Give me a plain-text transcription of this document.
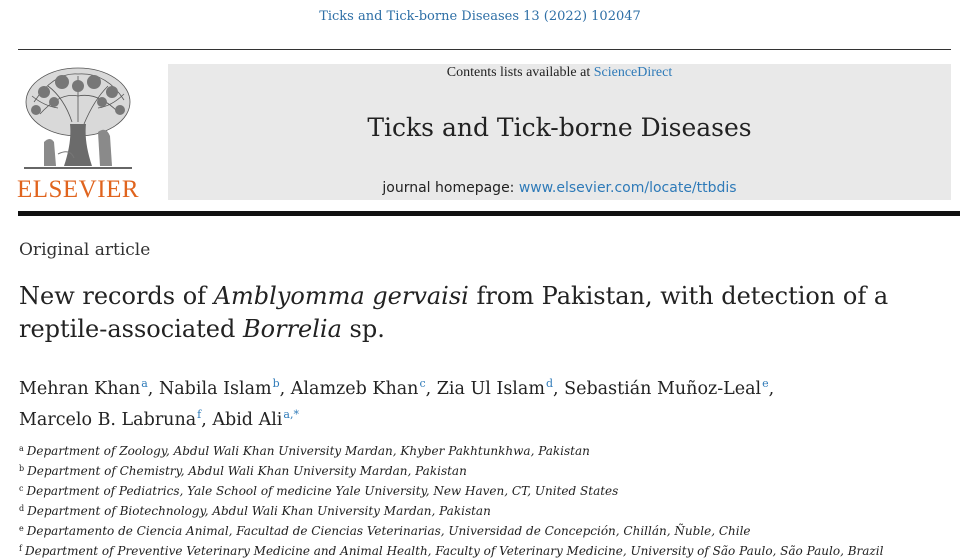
Ticks and Tick-borne Diseases 13 (2022) 102047
ELSEVIER
Contents lists available at ScienceDirect
Ticks and Tick-borne Diseases
journal homepage: www.elsevier.com/locate/ttbdis
Original article
New records of Amblyomma gervaisi from Pakistan, with detection of a reptile-associated Borrelia sp.
Mehran Khan$^a$, Nabila Islam$^b$, Alamzeb Khan$^c$, Zia Ul Islam$^d$, Sebastián Muñoz-Leal$^e$,
Marcelo B. Labruna$^f$, Abid Ali$^{a,*}$
$^a$ Department of Zoology, Abdul Wali Khan University Mardan, Khyber Pakhtunkhwa, Pakistan
$^b$ Department of Chemistry, Abdul Wali Khan University Mardan, Pakistan
$^c$ Department of Pediatrics, Yale School of medicine Yale University, New Haven, CT, United States
$^d$ Department of Biotechnology, Abdul Wali Khan University Mardan, Pakistan
$^e$ Departamento de Ciencia Animal, Facultad de Ciencias Veterinarias, Universidad de Concepción, Chillán, Ñuble, Chile
$^f$ Department of Preventive Veterinary Medicine and Animal Health, Faculty of Veterinary Medicine, University of São Paulo, São Paulo, Brazil
